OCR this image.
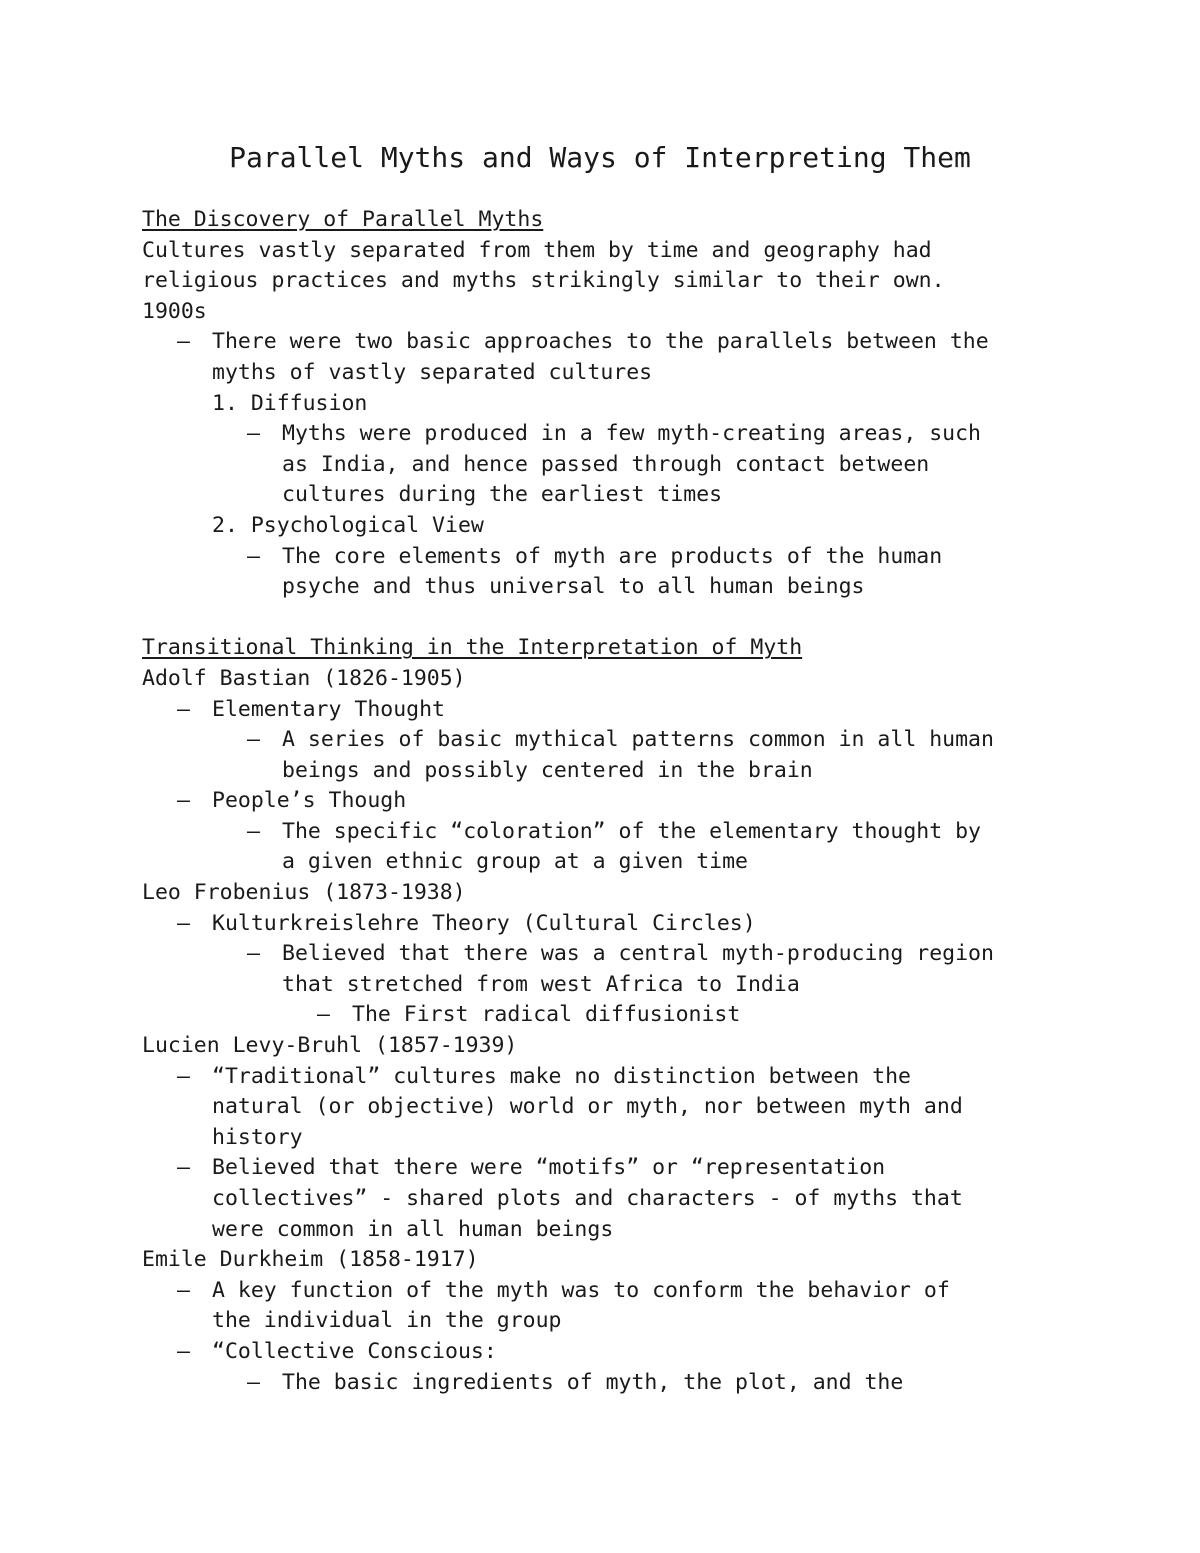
Parallel Myths and Ways of Interpreting Them
The Discovery of Parallel Myths
Cultures vastly separated from them by time and geography had
religious practices and myths strikingly similar to their own.
1900s

–

There were two basic approaches to the parallels between the

myths of vastly separated cultures

1. Diffusion

–

Myths were produced in a few myth-creating areas, such

as India, and hence passed through contact between

cultures during the earliest times

2. Psychological View

–

The core elements of myth are products of the human

psyche and thus universal to all human beings

Transitional Thinking in the Interpretation of Myth
Adolf Bastian (1826-1905)

–

Elementary Thought

–

A series of basic mythical patterns common in all human

beings and possibly centered in the brain

–

People’s Though

–

The specific “coloration” of the elementary thought by

a given ethnic group at a given time

Leo Frobenius (1873-1938)

–

Kulturkreislehre Theory (Cultural Circles)

–

Believed that there was a central myth-producing region

that stretched from west Africa to India

–

The First radical diffusionist

Lucien Levy-Bruhl (1857-1939)

–

“Traditional” cultures make no distinction between the

natural (or objective) world or myth, nor between myth and

history

–

Believed that there were “motifs” or “representation

collectives” - shared plots and characters - of myths that

were common in all human beings

Emile Durkheim (1858-1917)

–

A key function of the myth was to conform the behavior of

the individual in the group

–

“Collective Conscious:

–

The basic ingredients of myth, the plot, and the
